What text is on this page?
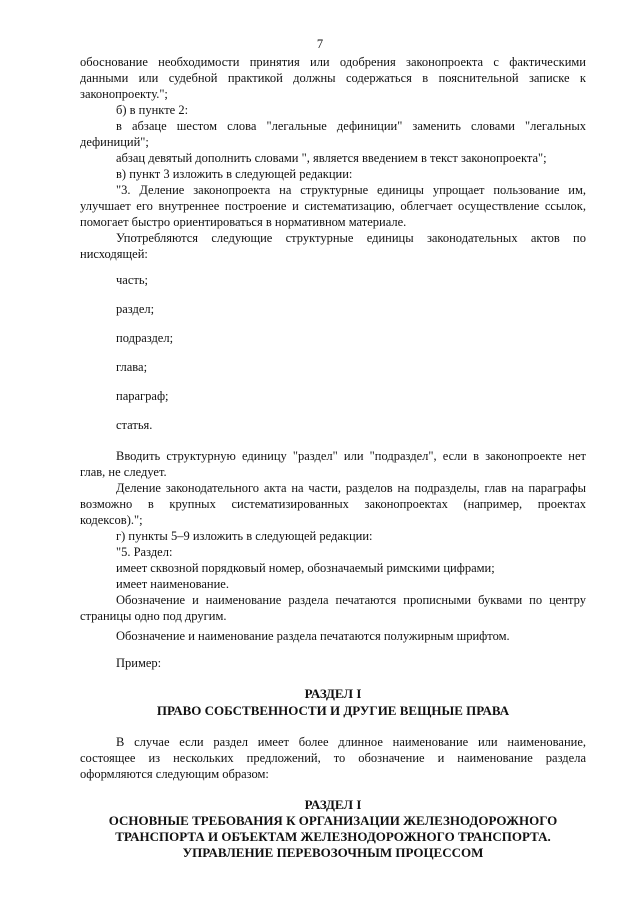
7
обоснование необходимости принятия или одобрения законопроекта с фактическими
данными или судебной практикой должны содержаться в пояснительной записке к
законопроекту.";
б) в пункте 2:
в абзаце шестом слова "легальные дефиниции" заменить словами "легальных
дефиниций";
абзац девятый дополнить словами ", является введением в текст законопроекта";
в) пункт 3 изложить в следующей редакции:
"3. Деление законопроекта на структурные единицы упрощает пользование им,
улучшает его внутреннее построение и систематизацию, облегчает осуществление ссылок,
помогает быстро ориентироваться в нормативном материале.
Употребляются следующие структурные единицы законодательных актов по
нисходящей:
часть;
раздел;
подраздел;
глава;
параграф;
статья.
Вводить структурную единицу "раздел" или "подраздел", если в законопроекте нет
глав, не следует.
Деление законодательного акта на части, разделов на подразделы, глав на параграфы
возможно в крупных систематизированных законопроектах (например, проектах
кодексов).";
г) пункты 5–9 изложить в следующей редакции:
"5. Раздел:
имеет сквозной порядковый номер, обозначаемый римскими цифрами;
имеет наименование.
Обозначение и наименование раздела печатаются прописными буквами по центру
страницы одно под другим.
Обозначение и наименование раздела печатаются полужирным шрифтом.
Пример:
РАЗДЕЛ I
ПРАВО СОБСТВЕННОСТИ И ДРУГИЕ ВЕЩНЫЕ ПРАВА
В случае если раздел имеет более длинное наименование или наименование,
состоящее из нескольких предложений, то обозначение и наименование раздела
оформляются следующим образом:
РАЗДЕЛ I
ОСНОВНЫЕ ТРЕБОВАНИЯ К ОРГАНИЗАЦИИ ЖЕЛЕЗНОДОРОЖНОГО
ТРАНСПОРТА И ОБЪЕКТАМ ЖЕЛЕЗНОДОРОЖНОГО ТРАНСПОРТА.
УПРАВЛЕНИЕ ПЕРЕВОЗОЧНЫМ ПРОЦЕССОМ
